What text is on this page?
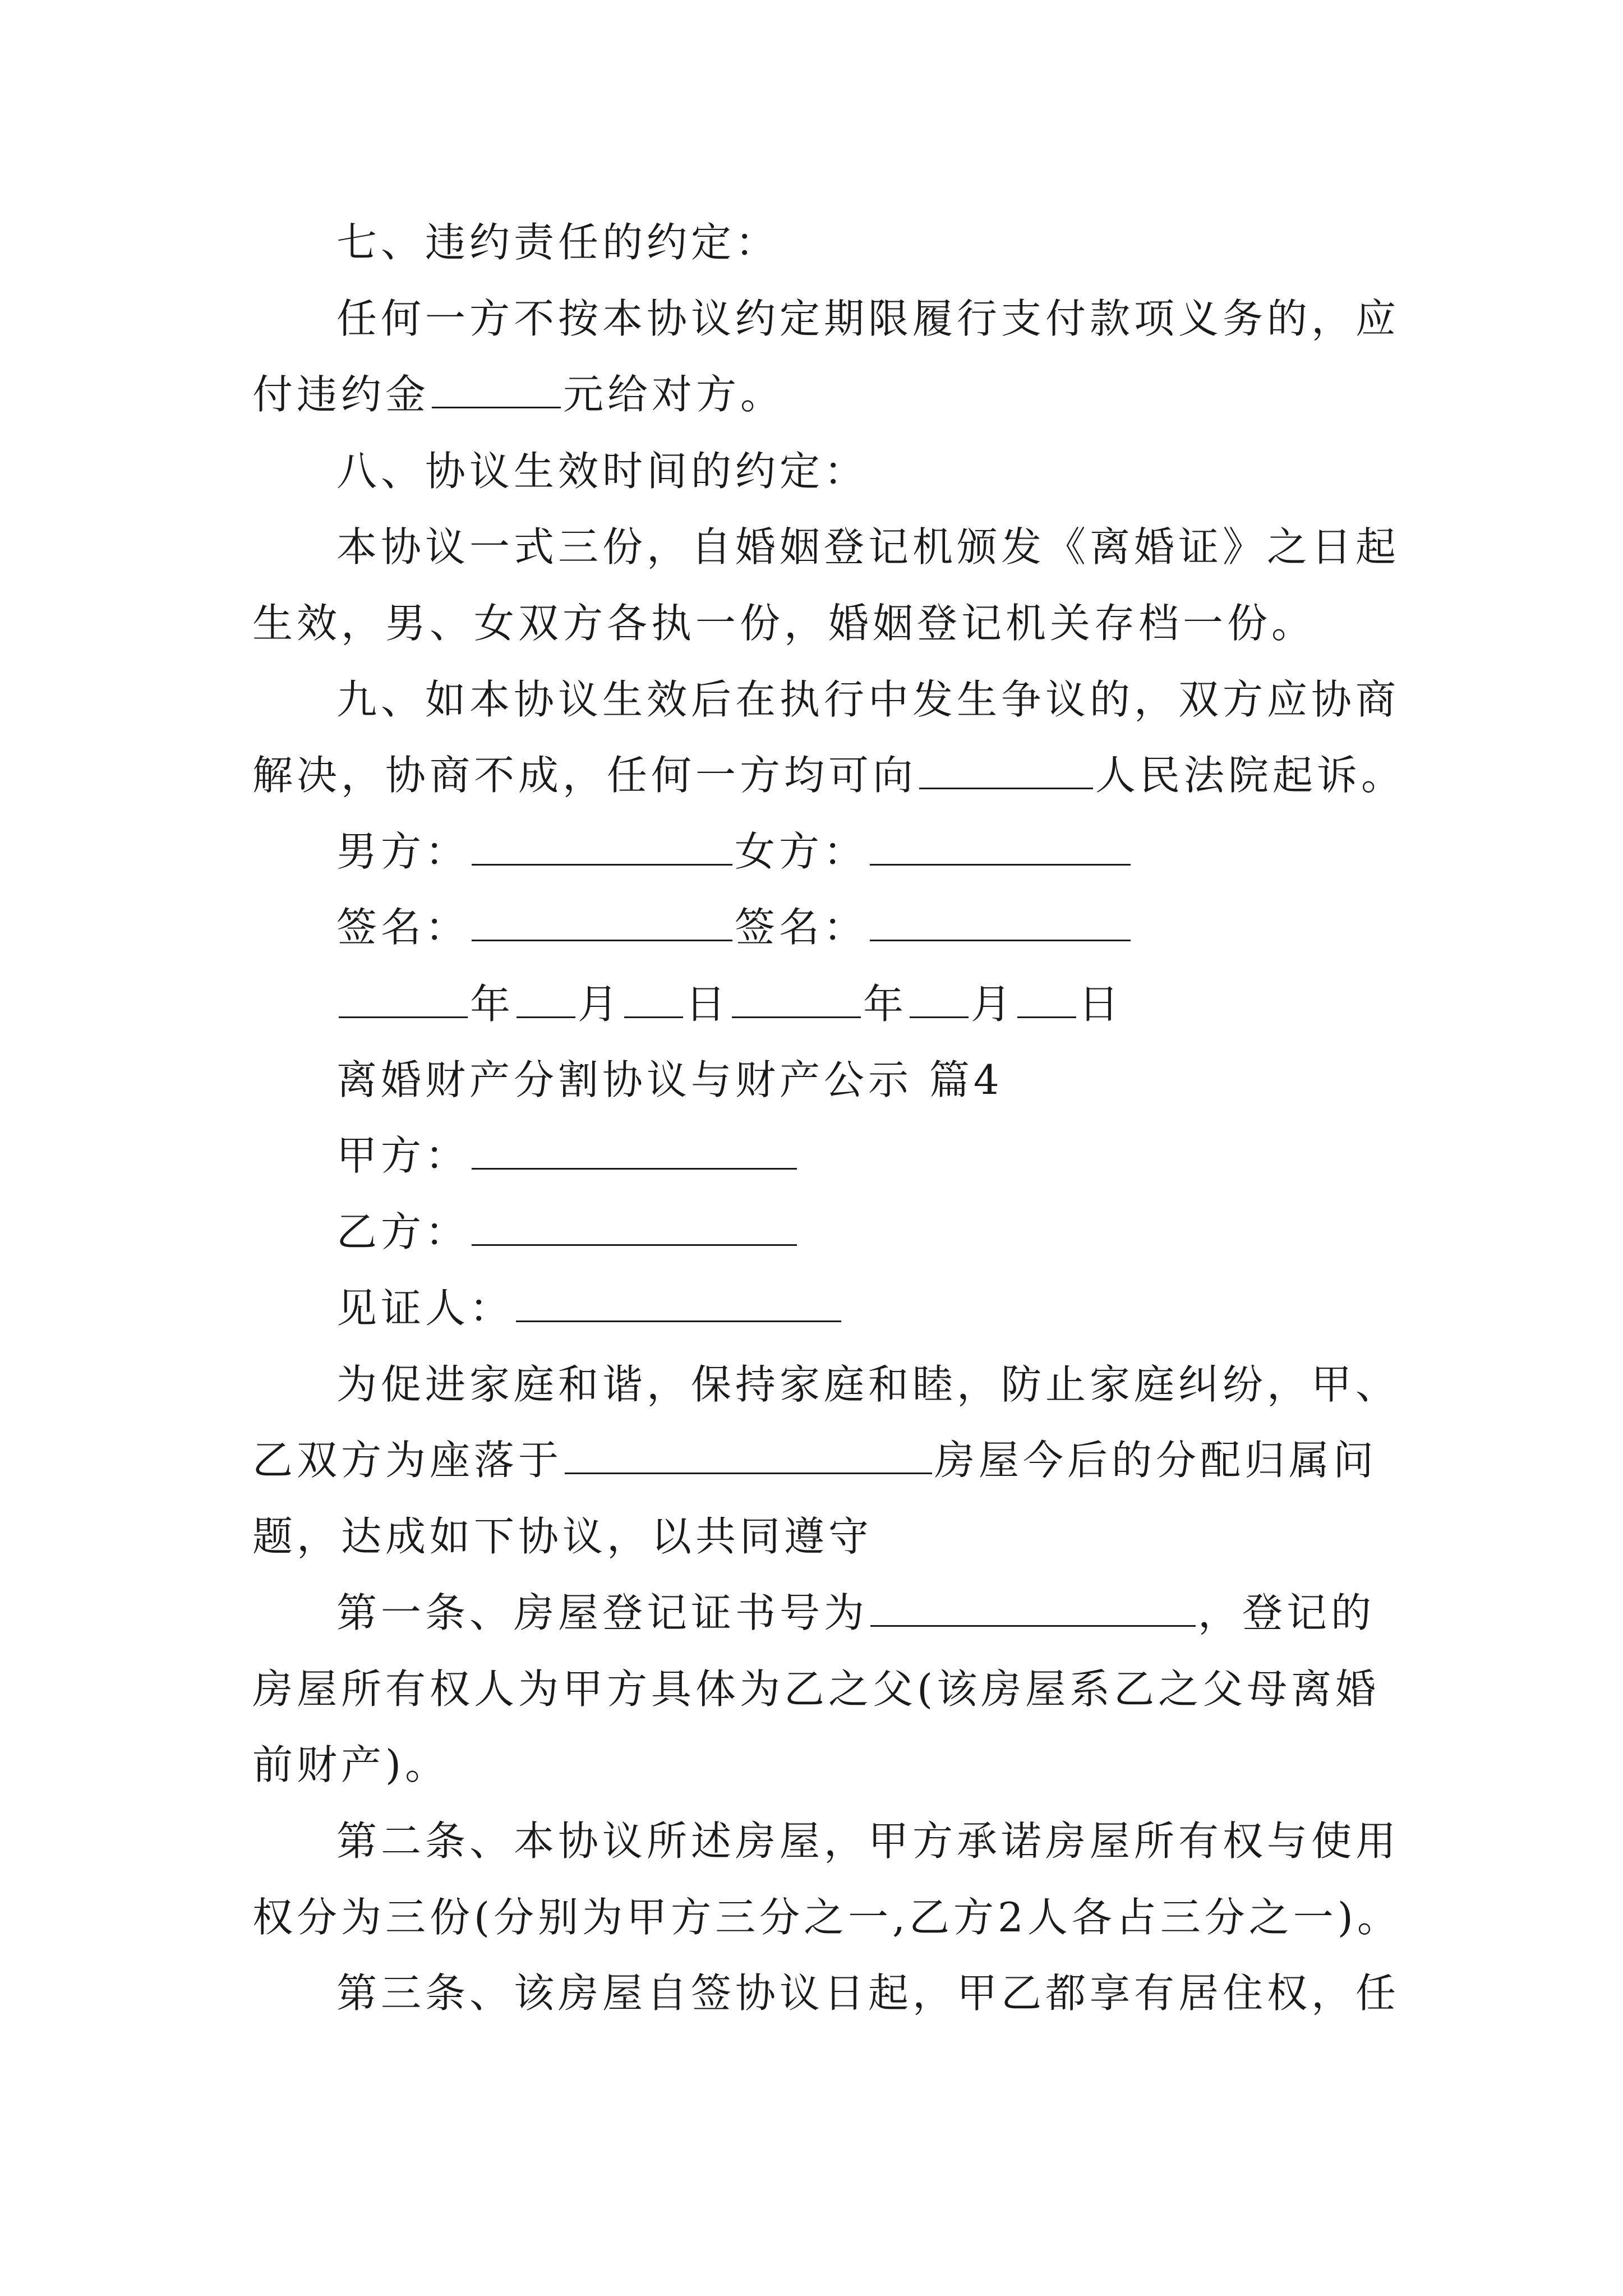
七、违约责任的约定：
任何一方不按本协议约定期限履行支付款项义务的，应
付违约金	元给对方。
八、协议生效时间的约定：
本协议一式三份，自婚姻登记机颁发《离婚证》之日起
生效，男、女双方各执一份，婚姻登记机关存档一份。
九、如本协议生效后在执行中发生争议的，双方应协商
解决，协商不成，任何一方均可向	人民法院起诉。
男方：	女方：
签名：	签名：
年 月 日	年 月 日
离婚财产分割协议与财产公示 篇4
甲方：
乙方：
见证人：
为促进家庭和谐，保持家庭和睦，防止家庭纠纷，甲、
乙双方为座落于	房屋今后的分配归属问
题，达成如下协议，以共同遵守
第一条、房屋登记证书号为	，登记的
房屋所有权人为甲方具体为乙之父(该房屋系乙之父母离婚
前财产)。
第二条、本协议所述房屋，甲方承诺房屋所有权与使用
权分为三份(分别为甲方三分之一,乙方2人各占三分之一)。
第三条、该房屋自签协议日起，甲乙都享有居住权，任
